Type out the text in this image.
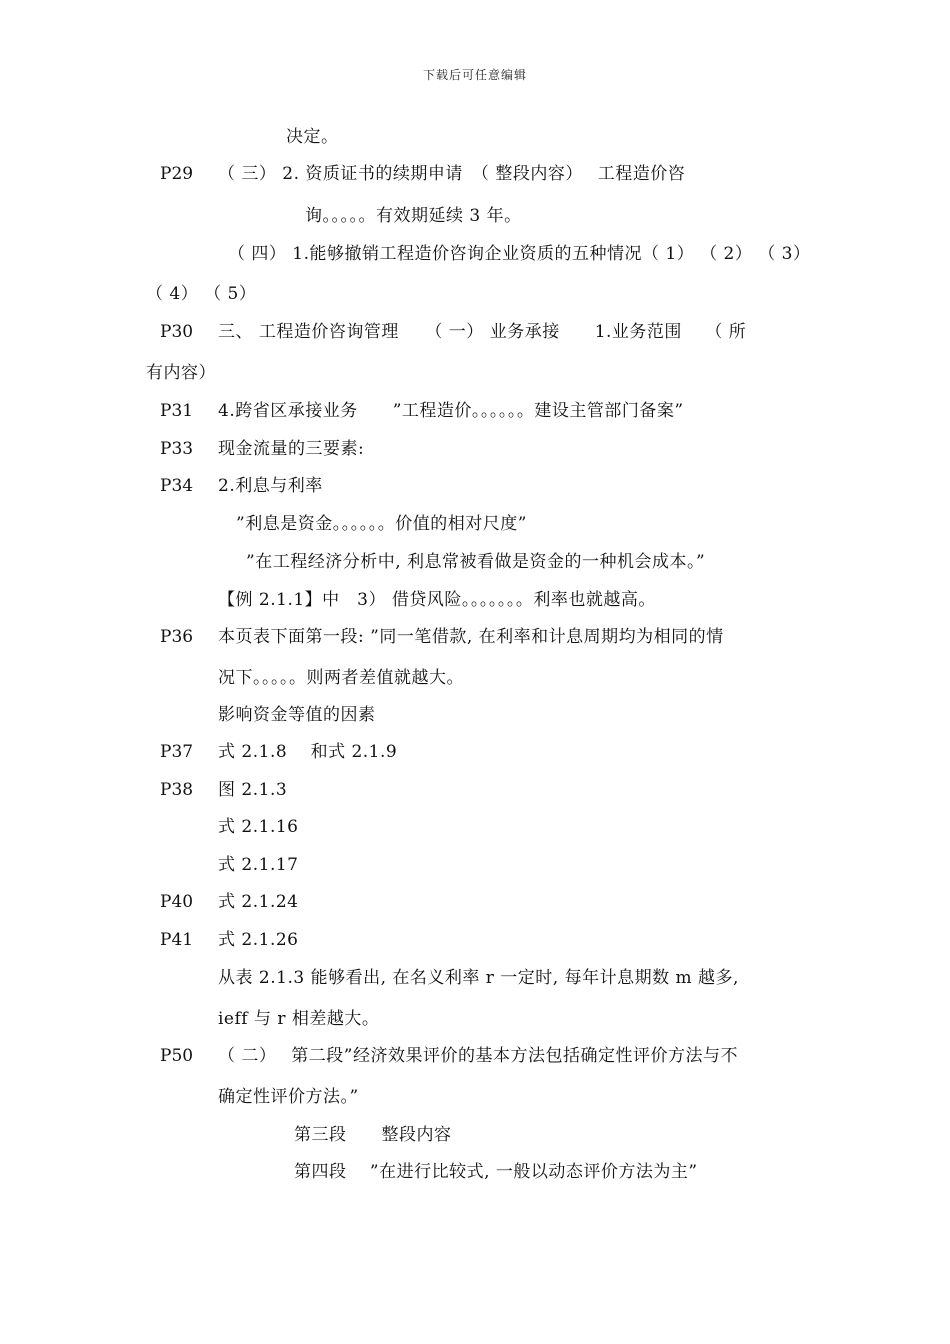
下载后可任意编辑
决定。
P29 （ 三） 2. 资质证书的续期申请　（ 整段内容）　 工程造价咨
询。。。。。有效期延续 3 年。
（ 四） 1.能够撤销工程造价咨询企业资质的五种情况（ 1） （ 2） （ 3）
（ 4） （ 5）
P30 三、 工程造价咨询管理　　（ 一） 业务承接　　1.业务范围　 （ 所
有内容）
P31 4.跨省区承接业务　　”工程造价。。。。。。建设主管部门备案”
P33 现金流量的三要素:
P34 2.利息与利率
”利息是资金。。。。。。价值的相对尺度”
”在工程经济分析中, 利息常被看做是资金的一种机会成本。”
【例 2.1.1】中　3） 借贷风险。。。。。。。利率也就越高。
P36 本页表下面第一段: ”同一笔借款, 在利率和计息周期均为相同的情
况下。。。。。则两者差值就越大。
影响资金等值的因素
P37 式 2.1.8　 和式 2.1.9
P38 图 2.1.3
式 2.1.16
式 2.1.17
P40 式 2.1.24
P41 式 2.1.26
从表 2.1.3 能够看出, 在名义利率 r 一定时, 每年计息期数 m 越多,
ieff 与 r 相差越大。
P50 （ 二）　 第二段”经济效果评价的基本方法包括确定性评价方法与不
确定性评价方法。”
第三段　　整段内容
第四段　 ”在进行比较式, 一般以动态评价方法为主”
